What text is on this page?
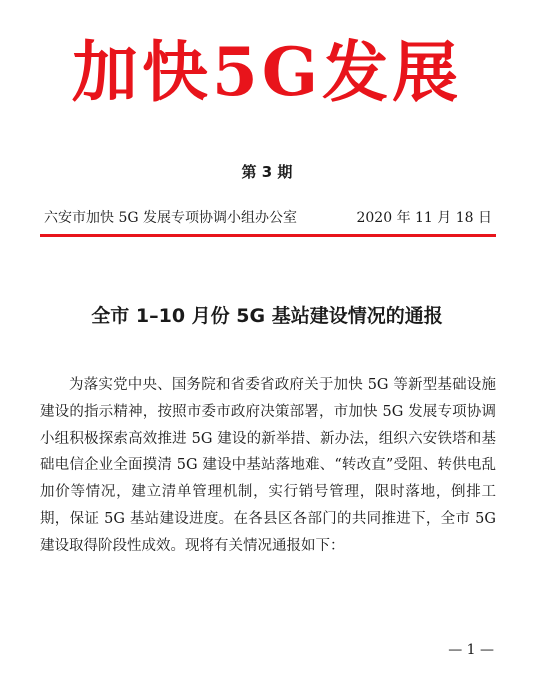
加快5G发展
第 3 期
六安市加快 5G 发展专项协调小组办公室	2020 年 11 月 18 日
全市 1–10 月份 5G 基站建设情况的通报

为落实党中央、国务院和省委省政府关于加快 5G 等新型基础设施建设的指示精神，按照市委市政府决策部署，市加快 5G 发展专项协调小组积极探索高效推进 5G 建设的新举措、新办法，组织六安铁塔和基础电信企业全面摸清 5G 建设中基站落地难、“转改直”受阻、转供电乱加价等情况，建立清单管理机制，实行销号管理，限时落地，倒排工期，保证 5G 基站建设进度。在各县区各部门的共同推进下，全市 5G 建设取得阶段性成效。现将有关情况通报如下：

— 1 —
